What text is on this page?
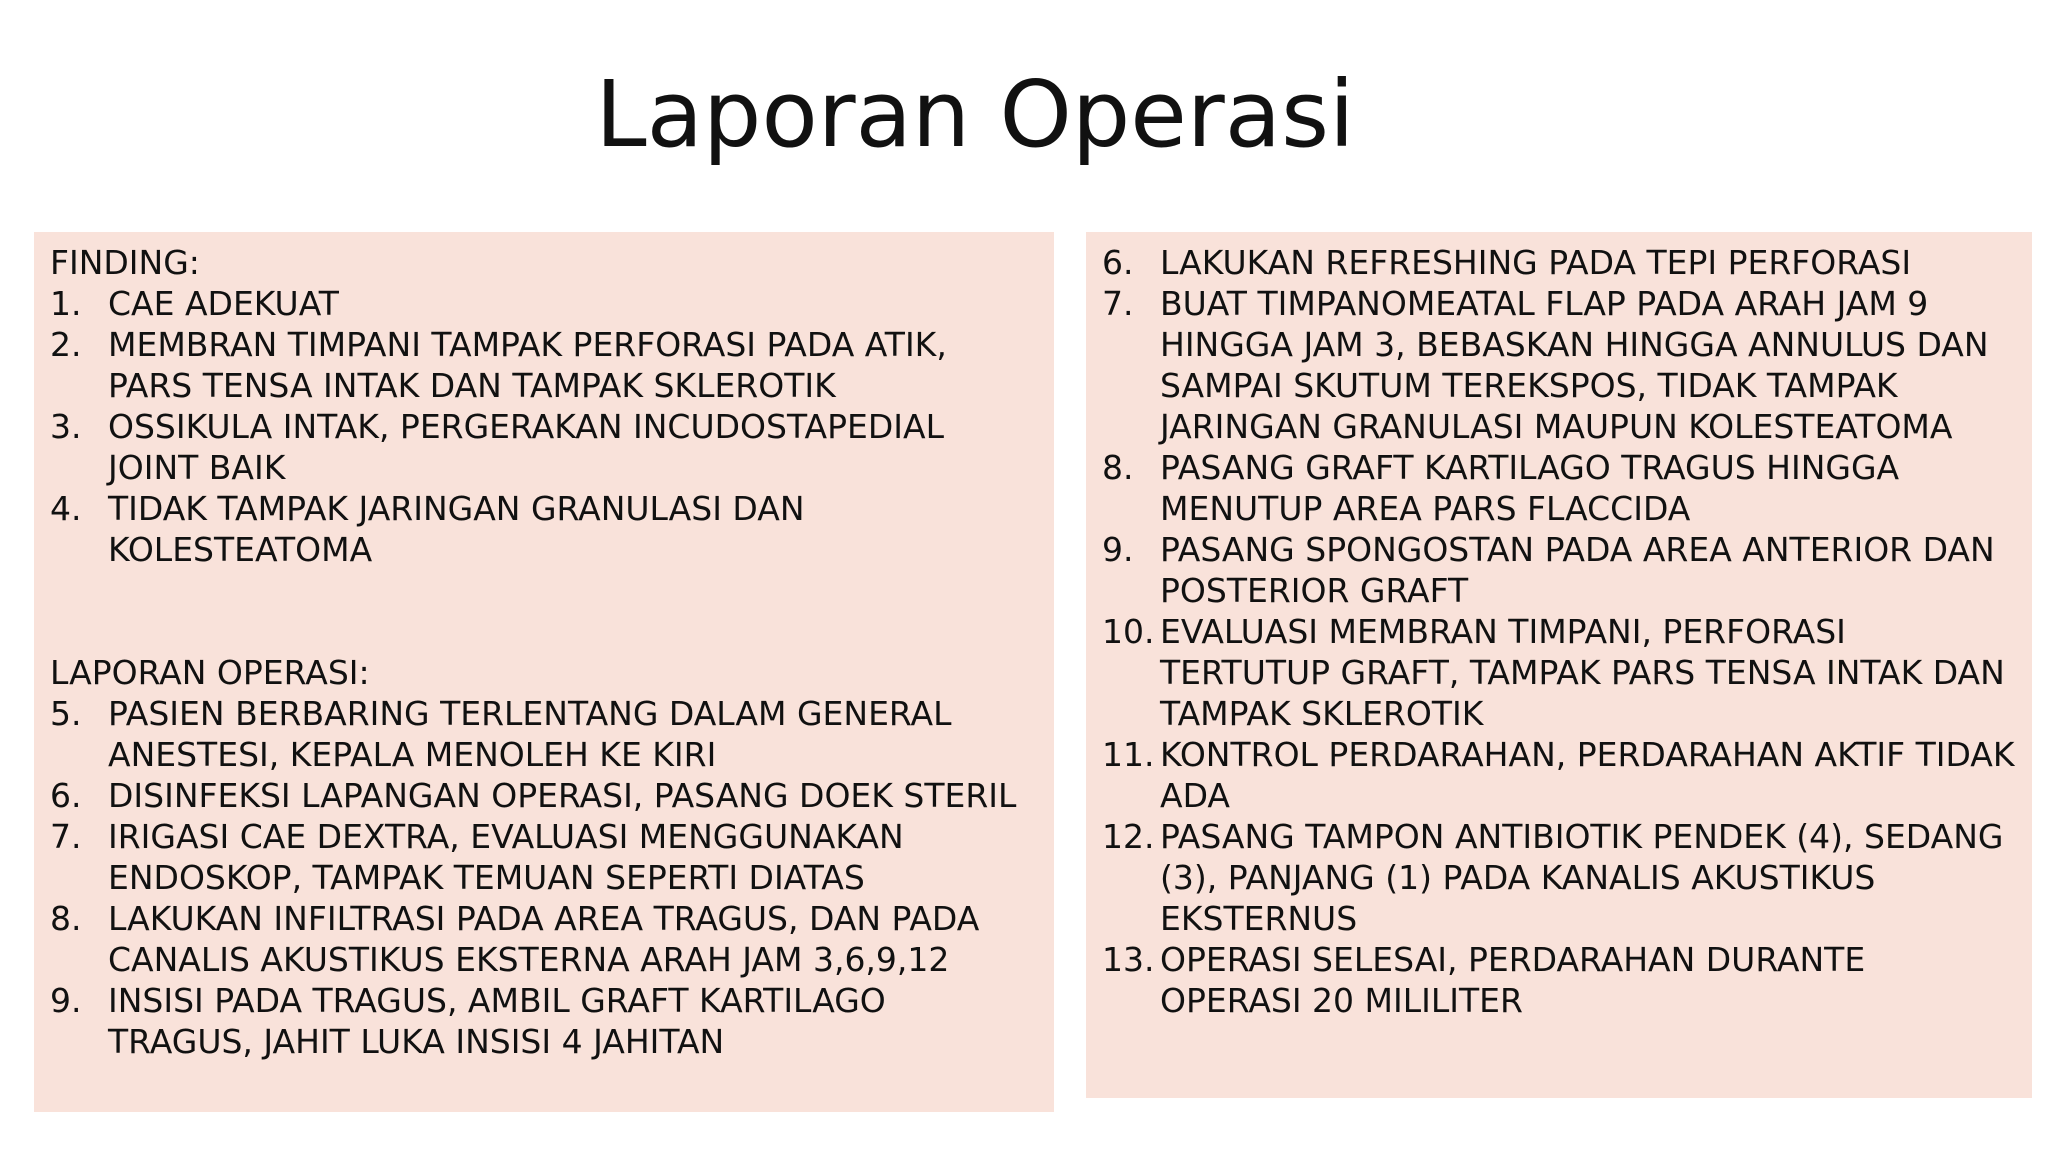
Laporan Operasi
FINDING:
1. CAE ADEKUAT
2. MEMBRAN TIMPANI TAMPAK PERFORASI PADA ATIK, PARS TENSA INTAK DAN TAMPAK SKLEROTIK
3. OSSIKULA INTAK, PERGERAKAN INCUDOSTAPEDIAL JOINT BAIK
4. TIDAK TAMPAK JARINGAN GRANULASI DAN KOLESTEATOMA
LAPORAN OPERASI:
5. PASIEN BERBARING TERLENTANG DALAM GENERAL ANESTESI, KEPALA MENOLEH KE KIRI
6. DISINFEKSI LAPANGAN OPERASI, PASANG DOEK STERIL
7. IRIGASI CAE DEXTRA, EVALUASI MENGGUNAKAN ENDOSKOP, TAMPAK TEMUAN SEPERTI DIATAS
8. LAKUKAN INFILTRASI PADA AREA TRAGUS, DAN PADA CANALIS AKUSTIKUS EKSTERNA ARAH JAM 3,6,9,12
9. INSISI PADA TRAGUS, AMBIL GRAFT KARTILAGO TRAGUS, JAHIT LUKA INSISI 4 JAHITAN
6. LAKUKAN REFRESHING PADA TEPI PERFORASI
7. BUAT TIMPANOMEATAL FLAP PADA ARAH JAM 9 HINGGA JAM 3, BEBASKAN HINGGA ANNULUS DAN SAMPAI SKUTUM TEREKSPOS, TIDAK TAMPAK JARINGAN GRANULASI MAUPUN KOLESTEATOMA
8. PASANG GRAFT KARTILAGO TRAGUS HINGGA MENUTUP AREA PARS FLACCIDA
9. PASANG SPONGOSTAN PADA AREA ANTERIOR DAN POSTERIOR GRAFT
10. EVALUASI MEMBRAN TIMPANI, PERFORASI TERTUTUP GRAFT, TAMPAK PARS TENSA INTAK DAN TAMPAK SKLEROTIK
11. KONTROL PERDARAHAN, PERDARAHAN AKTIF TIDAK ADA
12. PASANG TAMPON ANTIBIOTIK PENDEK (4), SEDANG (3), PANJANG (1) PADA KANALIS AKUSTIKUS EKSTERNUS
13. OPERASI SELESAI, PERDARAHAN DURANTE OPERASI 20 MILILITER
